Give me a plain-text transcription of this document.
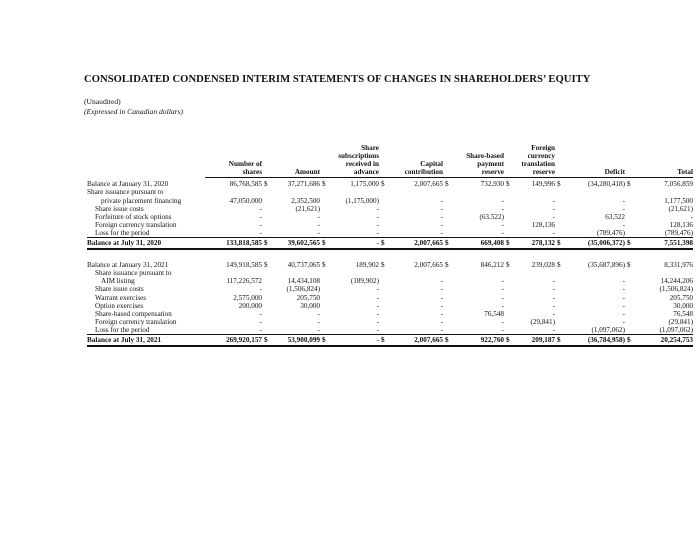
CONSOLIDATED CONDENSED INTERIM STATEMENTS OF CHANGES IN SHAREHOLDERS’ EQUITY
(Unaudited)
(Expressed in Canadian dollars)
				Share						Foreign					
				subscriptions				Share-based		currency					
	Number of			received in		Capital		payment		translation					
	shares	Amount		advance		contribution		reserve		reserve		Deficit		Total	

Balance at January 31, 2020	86,768,585	$	37,271,686	$	1,175,000	$	2,007,665	$	732,930	$	149,996	$	(34,280,418)	$	7,056,859
Share issuance pursuant to															
private placement financing	47,050,000		2,352,500		(1,175,000)		-		-		-		-		1,177,500
Share issue costs	-		(21,621)		-		-		-		-		-		(21,621)
Forfeiture of stock options	-		-		-		-		(63,522)		-		63,522		-
Foreign currency translation	-		-		-		-		-		128,136		-		128,136
Loss for the period	-		-		-		-		-		-		(789,476)		(789,476)
Balance at July 31, 2020	133,818,585	$	39,602,565	$	-	$	2,007,665	$	669,408	$	278,132	$	(35,006,372)	$	7,551,398

Balance at January 31, 2021	149,918,585	$	40,737,065	$	189,902	$	2,007,665	$	846,212	$	239,028	$	(35,687,896)	$	8,331,976
Share issuance pursuant to															
AIM listing	117,226,572		14,434,108		(189,902)		-		-		-		-		14,244,206
Share issue costs	-		(1,506,824)		-		-		-		-		-		(1,506,824)
Warrant exercises	2,575,000		205,750		-		-		-		-		-		205,750
Option exercises	200,000		30,000		-		-		-		-		-		30,000
Share-based compensation	-		-		-		-		76,548		-		-		76,548
Foreign currency translation	-		-		-		-		-		(29,841)		-		(29,841)
Loss for the period	-		-		-		-		-		-		(1,097,062)		(1,097,062)
Balance at July 31, 2021	269,920,157	$	53,900,099	$	-	$	2,007,665	$	922,760	$	209,187	$	(36,784,958)	$	20,254,753
